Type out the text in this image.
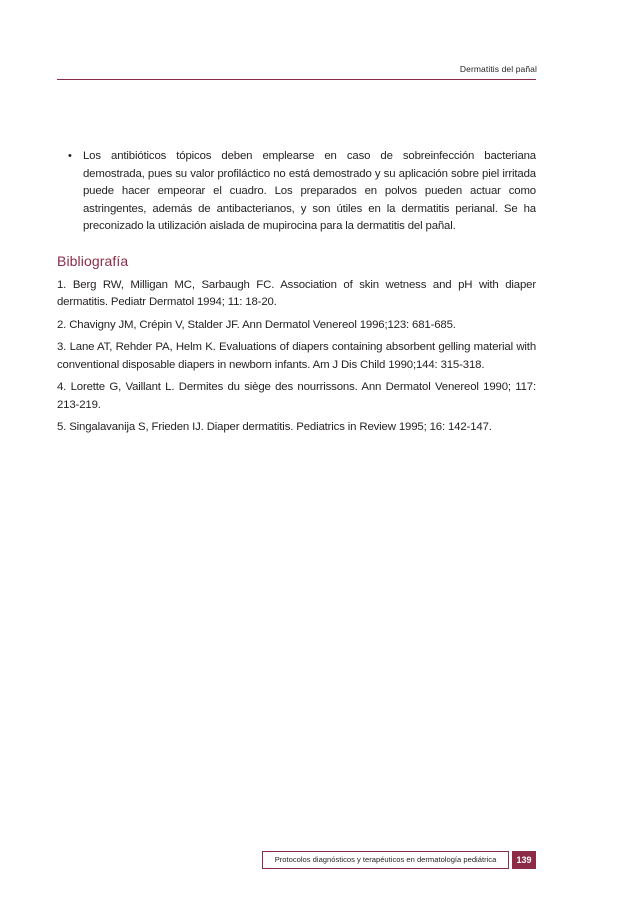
Dermatitis del pañal
• Los antibióticos tópicos deben emplearse en caso de sobreinfección bacteriana demostrada, pues su valor profiláctico no está demostrado y su aplicación sobre piel irritada puede hacer empeorar el cuadro. Los preparados en polvos pueden actuar como astringentes, además de antibacterianos, y son útiles en la dermatitis perianal. Se ha preconizado la utilización aislada de mupirocina para la dermatitis del pañal.
Bibliografía
1. Berg RW, Milligan MC, Sarbaugh FC. Association of skin wetness and pH with diaper dermatitis. Pediatr Dermatol 1994; 11: 18-20.
2. Chavigny JM, Crépin V, Stalder JF. Ann Dermatol Venereol 1996;123: 681-685.
3. Lane AT, Rehder PA, Helm K. Evaluations of diapers containing absorbent gelling material with conventional disposable diapers in newborn infants. Am J Dis Child 1990;144: 315-318.
4. Lorette G, Vaillant L. Dermites du siège des nourrissons. Ann Dermatol Venereol 1990; 117: 213-219.
5. Singalavanija S, Frieden IJ. Diaper dermatitis. Pediatrics in Review 1995; 16: 142-147.
Protocolos diagnósticos y terapéuticos en dermatología pediátrica	139
